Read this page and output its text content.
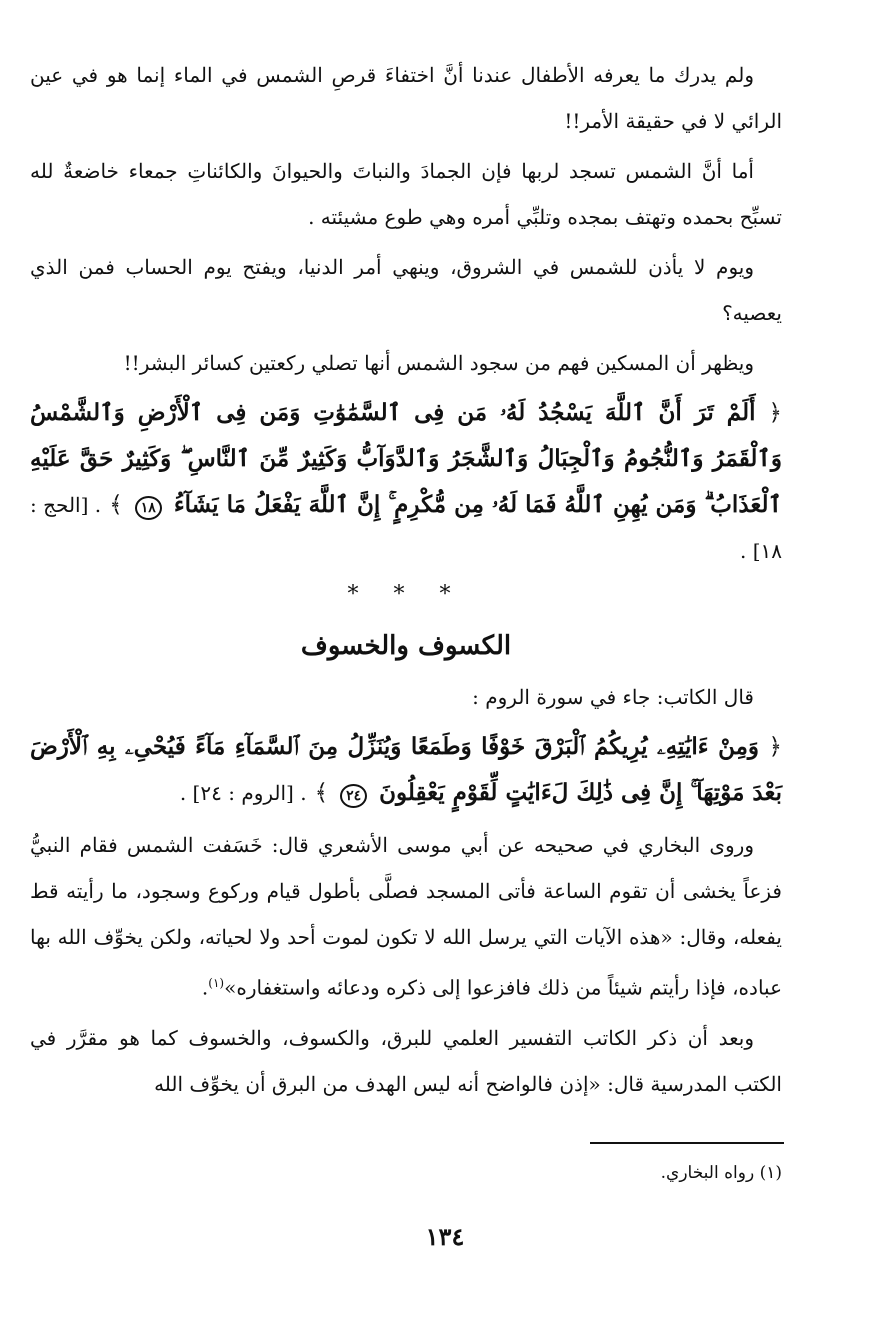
ولم يدرك ما يعرفه الأطفال عندنا أنَّ اختفاءَ قرصِ الشمس في الماء إنما هو في عين الرائي لا في حقيقة الأمر!!

أما أنَّ الشمس تسجد لربها فإن الجمادَ والنباتَ والحيوانَ والكائناتِ جمعاء خاضعةٌ لله تسبِّح بحمده وتهتف بمجده وتلبِّي أمره وهي طوع مشيئته .

ويوم لا يأذن للشمس في الشروق، وينهي أمر الدنيا، ويفتح يوم الحساب فمن الذي يعصيه؟

ويظهر أن المسكين فهم من سجود الشمس أنها تصلي ركعتين كسائر البشر!!

﴿ أَلَمْ تَرَ أَنَّ ٱللَّهَ يَسْجُدُ لَهُۥ مَن فِى ٱلسَّمَٰوَٰتِ وَمَن فِى ٱلْأَرْضِ وَٱلشَّمْسُ وَٱلْقَمَرُ وَٱلنُّجُومُ وَٱلْجِبَالُ وَٱلشَّجَرُ وَٱلدَّوَآبُّ وَكَثِيرٌ مِّنَ ٱلنَّاسِ ۖ وَكَثِيرٌ حَقَّ عَلَيْهِ ٱلْعَذَابُ ۗ وَمَن يُهِنِ ٱللَّهُ فَمَا لَهُۥ مِن مُّكْرِمٍ ۚ إِنَّ ٱللَّهَ يَفْعَلُ مَا يَشَآءُ ١٨ ﴾ . [الحج : ١٨] .

* * *
الكسوف والخسوف

قال الكاتب: جاء في سورة الروم :

﴿ وَمِنْ ءَايَٰتِهِۦ يُرِيكُمُ ٱلْبَرْقَ خَوْفًا وَطَمَعًا وَيُنَزِّلُ مِنَ ٱلسَّمَآءِ مَآءً فَيُحْىِۦ بِهِ ٱلْأَرْضَ بَعْدَ مَوْتِهَآ ۚ إِنَّ فِى ذَٰلِكَ لَءَايَٰتٍ لِّقَوْمٍ يَعْقِلُونَ ٢٤ ﴾ . [الروم : ٢٤] .

وروى البخاري في صحيحه عن أبي موسى الأشعري قال: خَسَفت الشمس فقام النبيُّ فزعاً يخشى أن تقوم الساعة فأتى المسجد فصلَّى بأطول قيام وركوع وسجود، ما رأيته قط يفعله، وقال: «هذه الآيات التي يرسل الله لا تكون لموت أحد ولا لحياته، ولكن يخوِّف الله بها عباده، فإذا رأيتم شيئاً من ذلك فافزعوا إلى ذكره ودعائه واستغفاره»$^{(١)}$.

وبعد أن ذكر الكاتب التفسير العلمي للبرق، والكسوف، والخسوف كما هو مقرَّر في الكتب المدرسية قال: «إذن فالواضح أنه ليس الهدف من البرق أن يخوِّف الله

(١) رواه البخاري.
١٣٤
